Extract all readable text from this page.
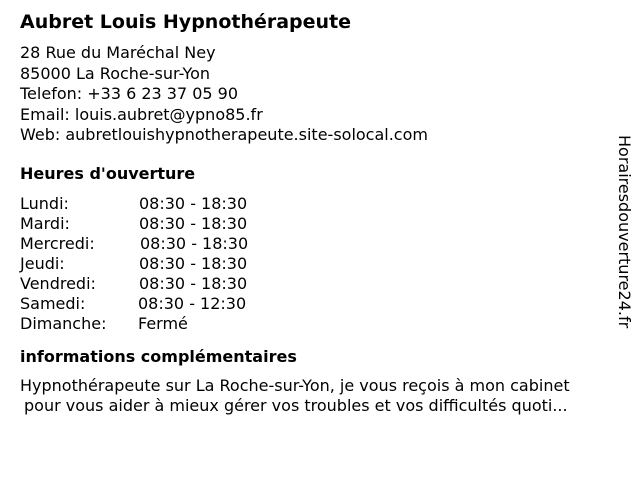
Aubret Louis Hypnothérapeute
28 Rue du Maréchal Ney
85000 La Roche-sur-Yon
Telefon: +33 6 23 37 05 90
Email: louis.aubret@ypno85.fr
Web: aubretlouishypnotherapeute.site-solocal.com
Heures d'ouverture
Lundi:	08:30 - 18:30
Mardi:	08:30 - 18:30
Mercredi:	08:30 - 18:30
Jeudi:	08:30 - 18:30
Vendredi:	08:30 - 18:30
Samedi:	08:30 - 12:30
Dimanche: Fermé
informations complémentaires
Hypnothérapeute sur La Roche-sur-Yon, je vous reçois à mon cabinet
pour vous aider à mieux gérer vos troubles et vos difficultés quoti...
Horairesdouverture24.fr
